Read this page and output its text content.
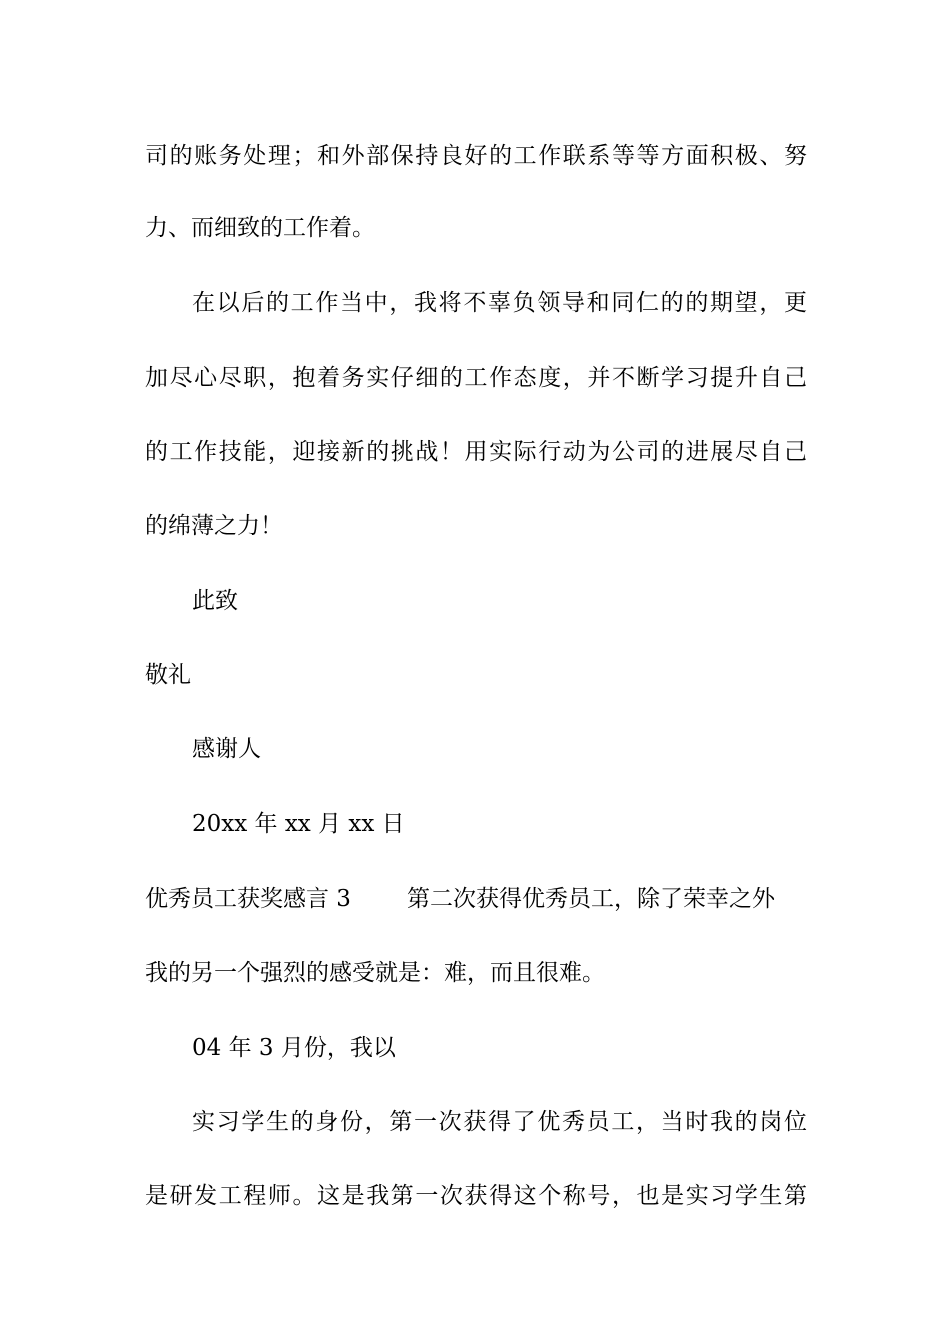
司的账务处理；和外部保持良好的工作联系等等方面积极、努
力、而细致的工作着。
在以后的工作当中，我将不辜负领导和同仁的的期望，更
加尽心尽职，抱着务实仔细的工作态度，并不断学习提升自己
的工作技能，迎接新的挑战！用实际行动为公司的进展尽自己
的绵薄之力！
此致
敬礼
感谢人
20xx 年 xx 月 xx 日
优秀员工获奖感言 3 第二次获得优秀员工，除了荣幸之外
我的另一个强烈的感受就是：难，而且很难。
04 年 3 月份，我以
实习学生的身份，第一次获得了优秀员工，当时我的岗位
是研发工程师。这是我第一次获得这个称号，也是实习学生第
